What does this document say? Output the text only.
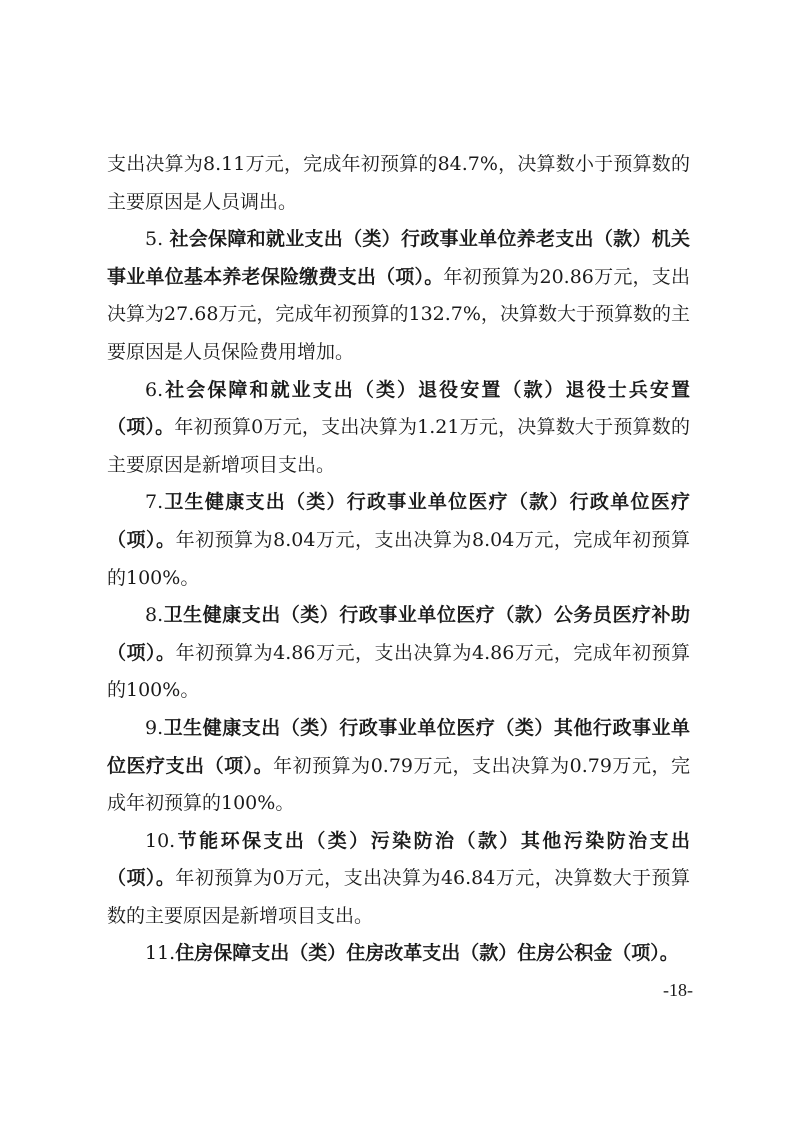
支出决算为8.11万元，完成年初预算的84.7%，决算数小于预算数的主要原因是人员调出。

5. 社会保障和就业支出（类）行政事业单位养老支出（款）机关事业单位基本养老保险缴费支出（项）。年初预算为20.86万元，支出决算为27.68万元，完成年初预算的132.7%，决算数大于预算数的主要原因是人员保险费用增加。

6.社会保障和就业支出（类）退役安置（款）退役士兵安置（项）。年初预算0万元，支出决算为1.21万元，决算数大于预算数的主要原因是新增项目支出。

7.卫生健康支出（类）行政事业单位医疗（款）行政单位医疗（项）。年初预算为8.04万元，支出决算为8.04万元，完成年初预算的100%。

8.卫生健康支出（类）行政事业单位医疗（款）公务员医疗补助（项）。年初预算为4.86万元，支出决算为4.86万元，完成年初预算的100%。

9.卫生健康支出（类）行政事业单位医疗（类）其他行政事业单位医疗支出（项）。年初预算为0.79万元，支出决算为0.79万元，完成年初预算的100%。

10.节能环保支出（类）污染防治（款）其他污染防治支出（项）。年初预算为0万元，支出决算为46.84万元，决算数大于预算数的主要原因是新增项目支出。

11.住房保障支出（类）住房改革支出（款）住房公积金（项）。

-18-
